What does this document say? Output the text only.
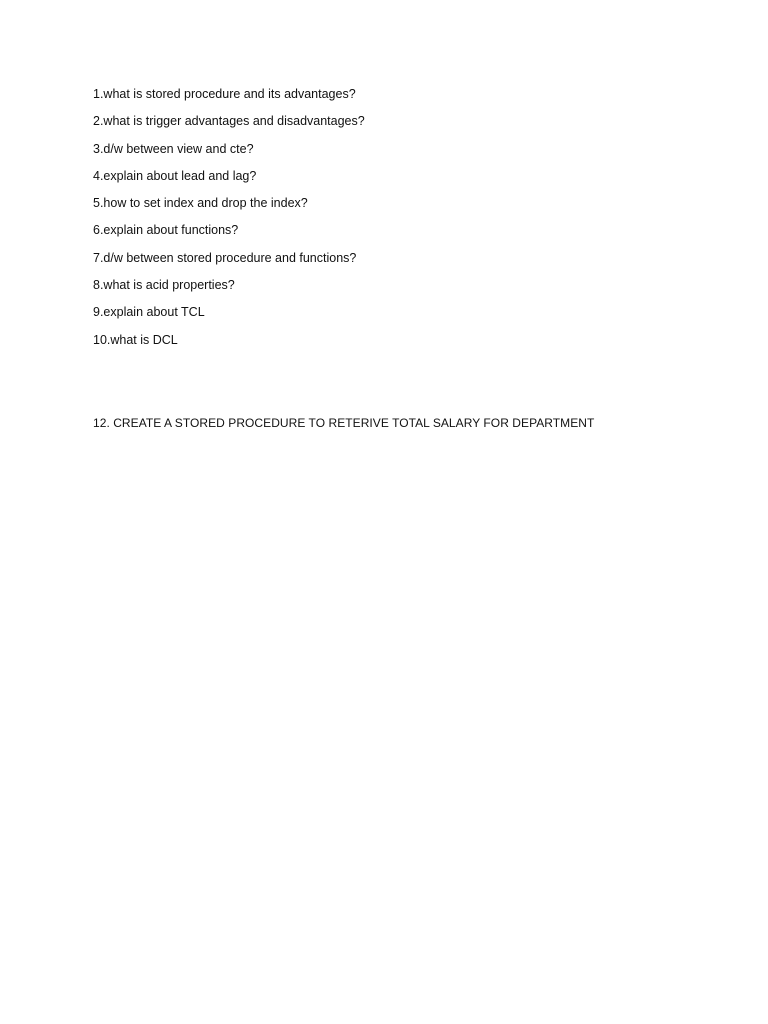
1.what is stored procedure and its advantages?
2.what is trigger advantages and disadvantages?
3.d/w between view and cte?
4.explain about lead and lag?
5.how to set index and drop the index?
6.explain about functions?
7.d/w between stored procedure and functions?
8.what is acid properties?
9.explain about TCL
10.what is DCL

12. CREATE A STORED PROCEDURE TO RETERIVE TOTAL SALARY FOR DEPARTMENT
